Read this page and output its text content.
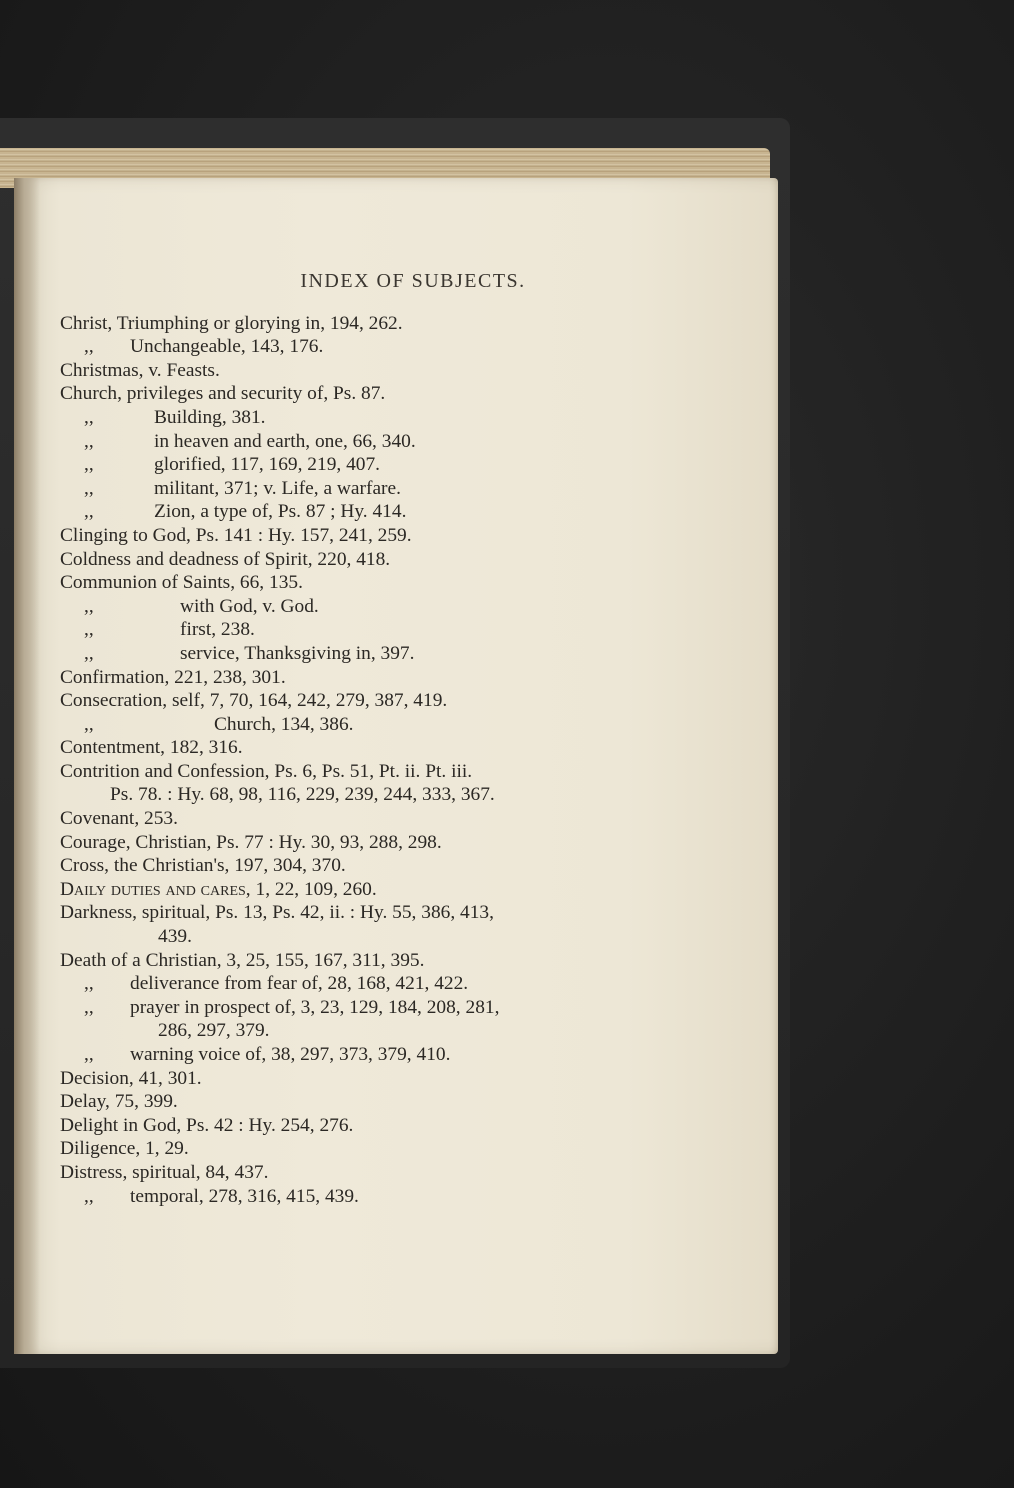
INDEX OF SUBJECTS.

Christ, Triumphing or glorying in, 194, 262.

,, Unchangeable, 143, 176.

Christmas, v. Feasts.

Church, privileges and security of, Ps. 87.

,,	Building, 381.

,,	in heaven and earth, one, 66, 340.

,,	glorified, 117, 169, 219, 407.

,,	militant, 371; v. Life, a warfare.

,,	Zion, a type of, Ps. 87 ; Hy. 414.

Clinging to God, Ps. 141 : Hy. 157, 241, 259.

Coldness and deadness of Spirit, 220, 418.

Communion of Saints, 66, 135.

,,	with God, v. God.

,,	first, 238.

,,	service, Thanksgiving in, 397.

Confirmation, 221, 238, 301.

Consecration, self, 7, 70, 164, 242, 279, 387, 419.

,,	Church, 134, 386.

Contentment, 182, 316.

Contrition and Confession, Ps. 6, Ps. 51, Pt. ii. Pt. iii.

Ps. 78. : Hy. 68, 98, 116, 229, 239, 244, 333, 367.

Covenant, 253.

Courage, Christian, Ps. 77 : Hy. 30, 93, 288, 298.

Cross, the Christian's, 197, 304, 370.

Daily duties and cares, 1, 22, 109, 260.

Darkness, spiritual, Ps. 13, Ps. 42, ii. : Hy. 55, 386, 413,

439.

Death of a Christian, 3, 25, 155, 167, 311, 395.

,, deliverance from fear of, 28, 168, 421, 422.

,, prayer in prospect of, 3, 23, 129, 184, 208, 281,

286, 297, 379.

,, warning voice of, 38, 297, 373, 379, 410.

Decision, 41, 301.

Delay, 75, 399.

Delight in God, Ps. 42 : Hy. 254, 276.

Diligence, 1, 29.

Distress, spiritual, 84, 437.

,, temporal, 278, 316, 415, 439.
